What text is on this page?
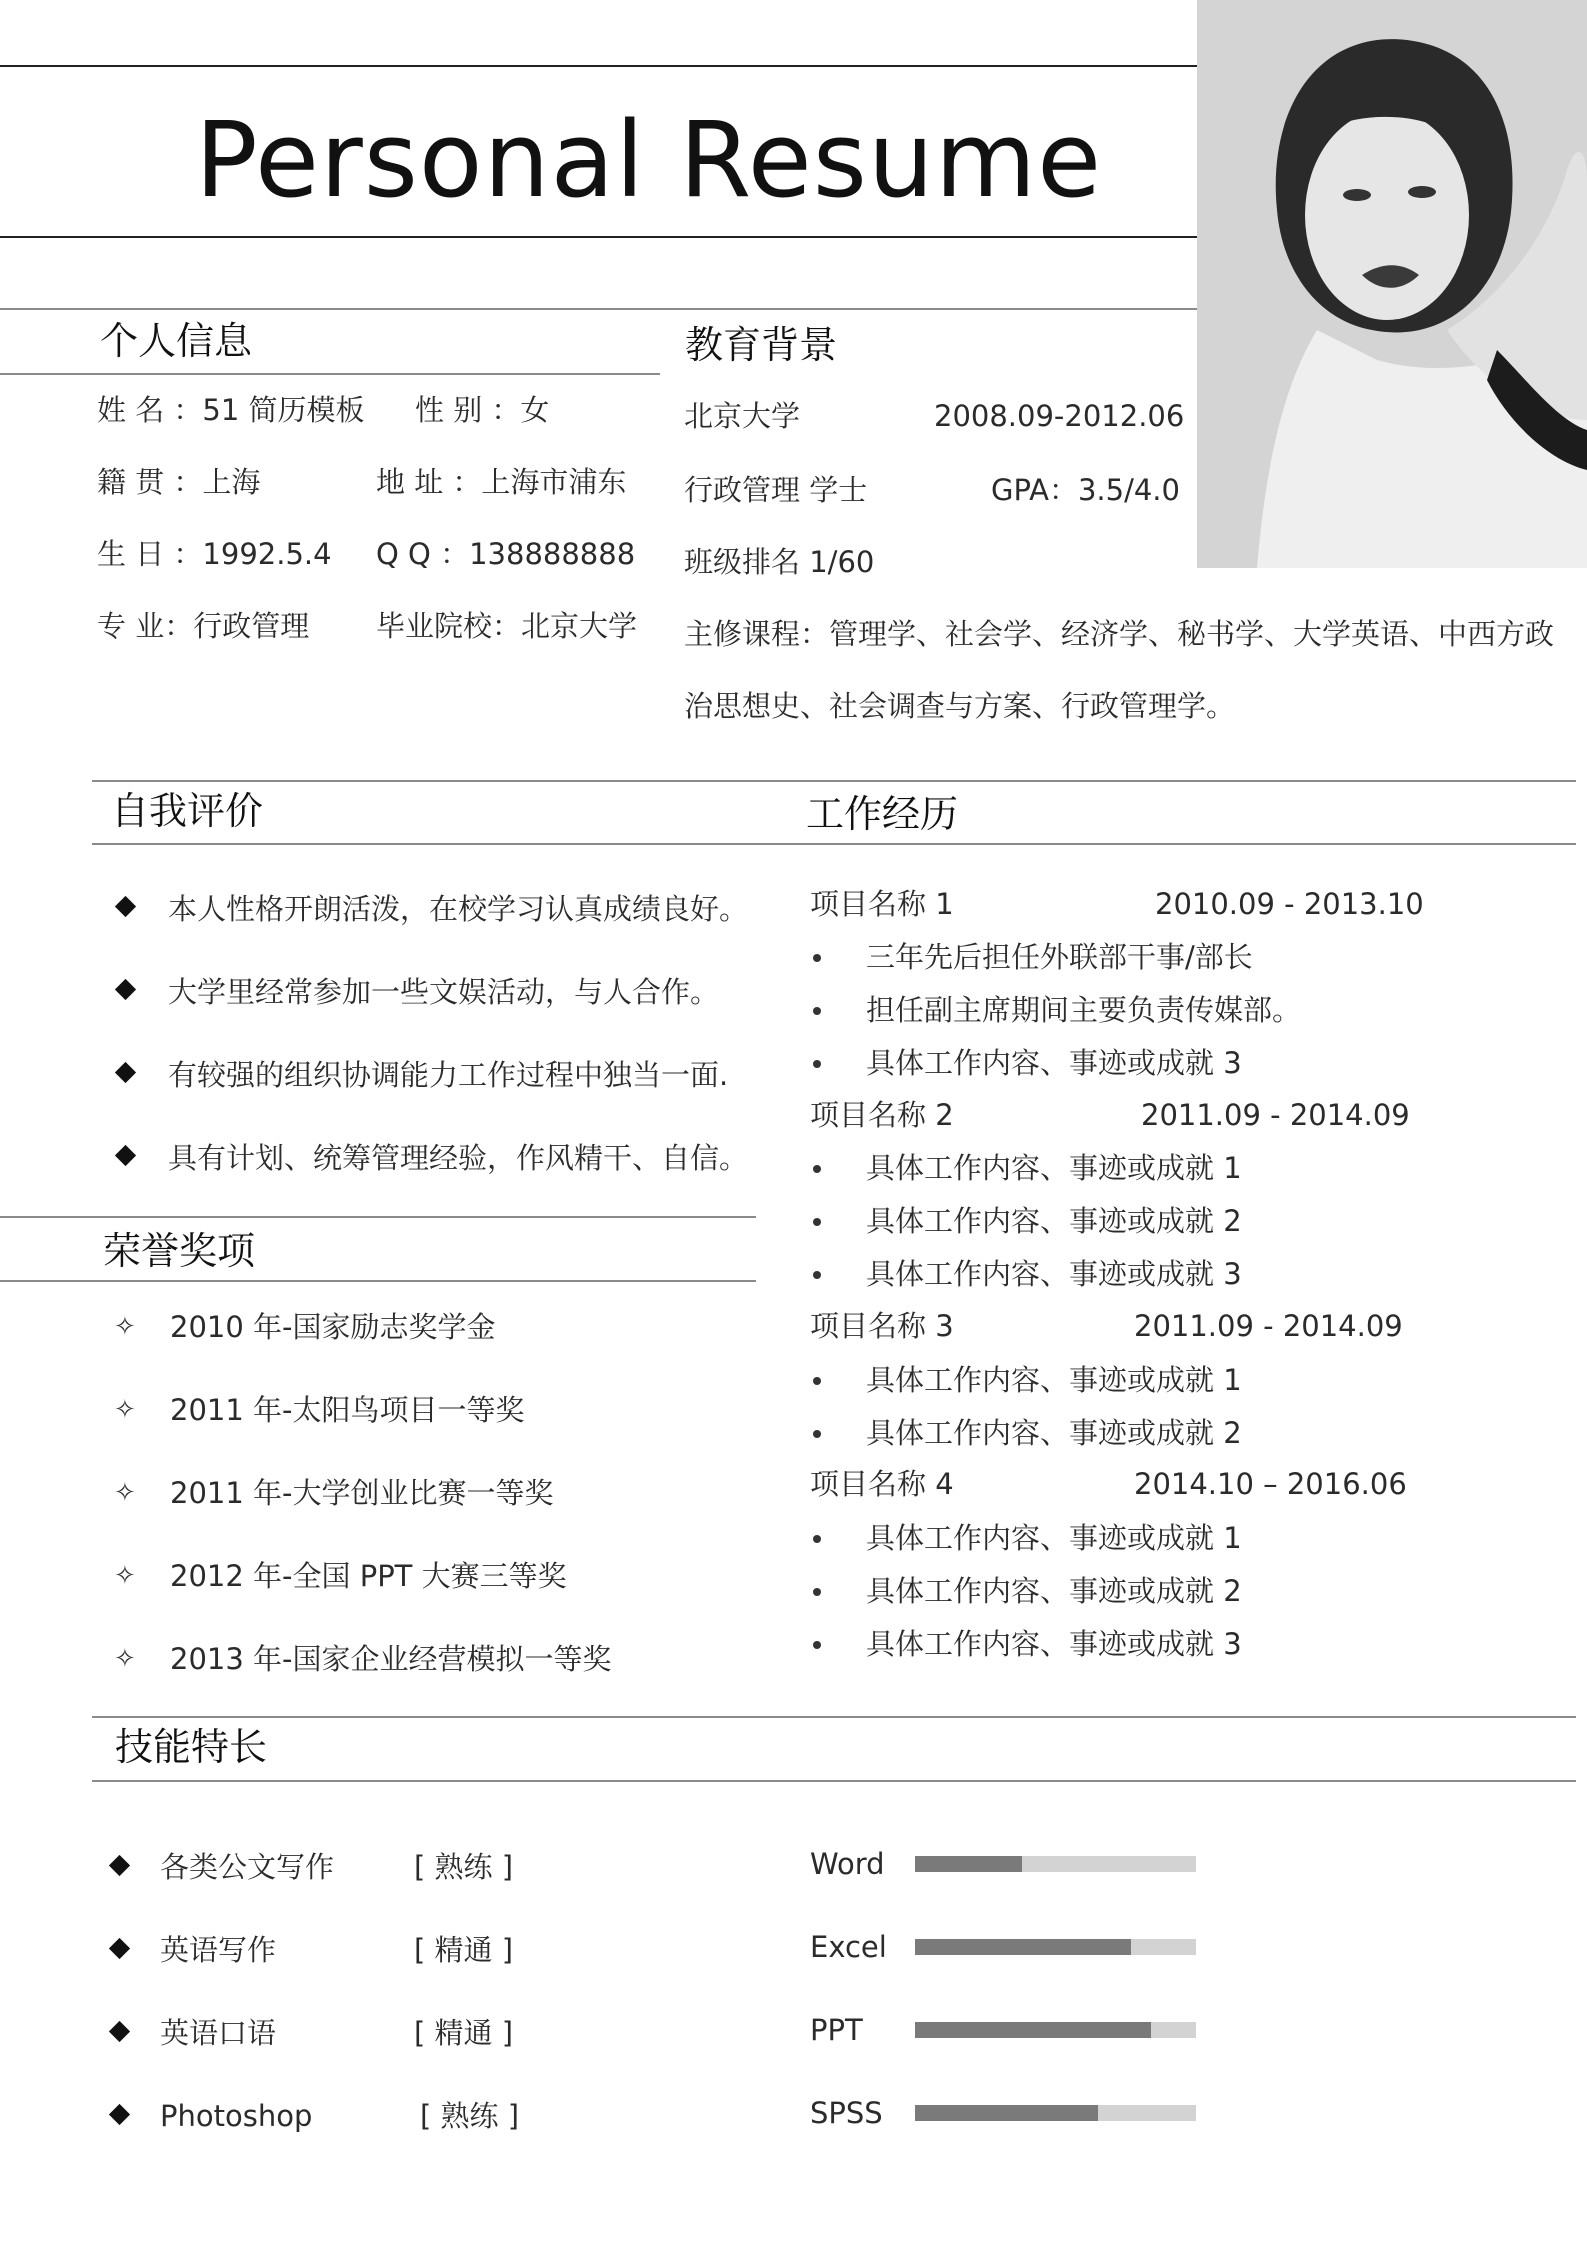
Personal Resume
个人信息
姓 名 ：51 简历模板 性 别 ：女
籍 贯 ：上海	地 址 ：上海市浦东
生 日 ：1992.5.4 Q Q ：138888888
专 业：行政管理 毕业院校：北京大学
教育背景
北京大学	2008.09-2012.06
行政管理 学士	GPA：3.5/4.0
班级排名 1/60
主修课程：管理学、社会学、经济学、秘书学、大学英语、中西方政
治思想史、社会调查与方案、行政管理学。
自我评价	工作经历
本人性格开朗活泼，在校学习认真成绩良好。
大学里经常参加一些文娱活动，与人合作。
有较强的组织协调能力工作过程中独当一面.
具有计划、统筹管理经验，作风精干、自信。
荣誉奖项
✧ 2010 年-国家励志奖学金
✧ 2011 年-太阳鸟项目一等奖
✧ 2011 年-大学创业比赛一等奖
✧ 2012 年-全国 PPT 大赛三等奖
✧ 2013 年-国家企业经营模拟一等奖
项目名称 1	2010.09 - 2013.10
三年先后担任外联部干事/部长
担任副主席期间主要负责传媒部。
具体工作内容、事迹或成就 3
项目名称 2	2011.09 - 2014.09
具体工作内容、事迹或成就 1
具体工作内容、事迹或成就 2
具体工作内容、事迹或成就 3
项目名称 3	2011.09 - 2014.09
具体工作内容、事迹或成就 1
具体工作内容、事迹或成就 2
项目名称 4	2014.10 – 2016.06
具体工作内容、事迹或成就 1
具体工作内容、事迹或成就 2
具体工作内容、事迹或成就 3
技能特长
各类公文写作	[ 熟练 ]
英语写作	[ 精通 ]
英语口语	[ 精通 ]
Photoshop	[ 熟练 ]
Word
Excel
PPT
SPSS
